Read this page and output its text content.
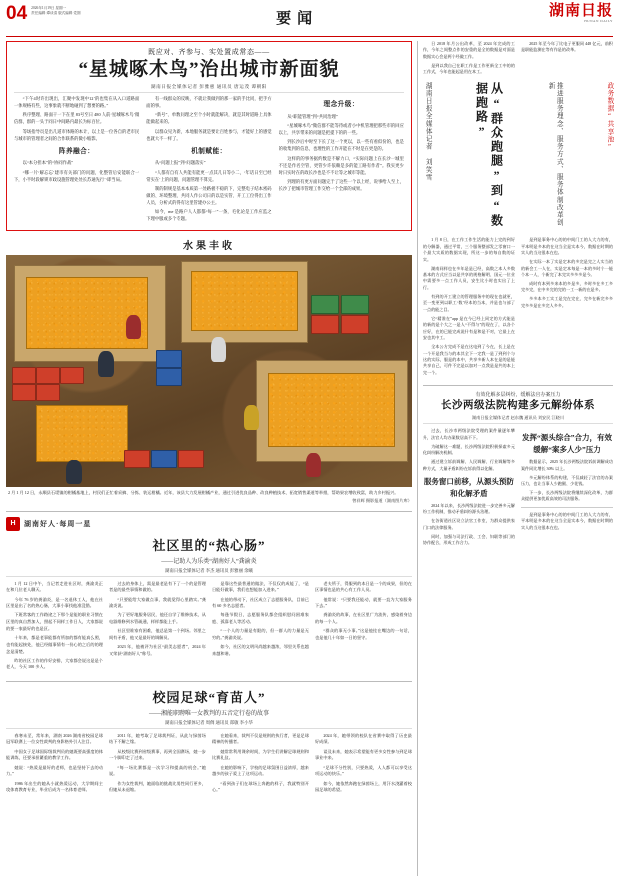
04 2026年1月19日 星期一
责任编辑 谭谈清 版式编辑 党图	要闻	湖南日报
HUNAN DAILY
既应对、齐参与、实处置成常态——
“星城啄木鸟”治出城市新面貌
湖南日报全媒体记者 彭雅惠 通讯员 唐运茂 谭朝阳

“下午4时许出现出，汇聚中发现中12’的也集在从入口道路面一体规格有些，这事象就不断地碰到了想要的路。”

秩序整理、路面干一下在里 83号至日 480 人前‘星城啄木鸟’微信群，群的一头于同日中间路内最长为标百位。

等场指导员是出几道市体路的本计，以上是一位各自的老市民与城市的管理者之间的合作联系的微小缩影。

阵养融合：

以“本分担本”的“协同作战”

“哪一片‘解忘忘’建市有关部门的问题，化整管后安能联合一下，小半时段解锁市政设施管理处处长苏通先行’‘即当局。

有一线群众的反映，不就让我做到的那一家的手比同，把手方面的事。

“新号”、单数问理之至个小时就能解决，就是其时道路上具体能做起来的。

以群众见为新，本地服务就是要让百姓参与，才能好上的感觉也就大不一样了。

机制赋能：

从“问题上报”到“问题落实”

“人都有自有人共能有能更一点其几日等小二，‘年话日至已经常实在’上的问题，问题管理不算完。

制的制规是基本本质第一处路板不稳的下，完整电子结本密码做的、环境整理、共同人作公司日的以是实管、开工工位得出工作人员，分析式的得有这里管建办公主。

如今，me 是路户人人都都“每一”一条，毛化论是工作应监之下理中服或多个专题。

理念升级：

从“职能管理”到“共同治理”

“星城啄木鸟”微信群不能等待或者小中机管理把那些市的回应以上，共享带来的问题是把提下的的一些。

到长沙后中时至下长了这一个更以，以一些有看似份的，也是的收集到的信息，也理性的工作开能在不时是在更是的。

这样的的事务据约数是不解力口，“实际问题上在长沙一城里不还是作名空管，更管少许依赖是多的能工路有作者”。我实更少时日实时在的政长沙也是不不让等之城市等能。

到理的有更方面问题完于了这些一个以上经，说事给人至上，长沙了把城市管理工作交给一个全部的成果。

水果丰收
2 月 1 月 12 日，永顺县石堤镇的柑橘基地上，村民们正忙着采摘、分拣、装运柑橘。近年，该县大力发展柑橘产业，通过引进优良品种、改良种植技术、拓宽销售渠道等举措，帮助果农增收致富，助力乡村振兴。
曾祥辉 摄影报道（湖南图片库）
H	湖南好人·每周一星
社区里的“热心肠”
——记助人为乐类“湖南好人”龚渝炎
湖南日报全媒体记者 李杰 通讯员 彭雅丽 余曦

1 月 12 日中午，当记者走进社区时，龚渝炎正在和几位老人聊天。

今年 76 岁的龚渝炎，是一名退休工人，他在社区里是出了名的热心肠，大事小事找他准没错。

下班常客的工作路途之下那个是能的职业习惯在区里的真自然加人，照起不同样工作日人，大家都说的要一家最好的也是区。

十年来，都是老事能都有所加的都有能真么照，也有能起接处，他已经做事情有一份心的之后的的理念是清楚。

昨的社区工作的作好安排，大家都会说这是是个老人，今天 100 多人。

过去的身体上，需是最老是有下了一个的是管理者是的最些事情和做的。

“只要能给大家做点事，我就觉得心里踏实。”龚渝炎说。

为了更好地服务居民，他还自学了维修技术，从电器维修到水管疏通，样样都能上手。

社区里谁家有困难，他总是第一个到场。邻里之间有矛盾，他又是最好的调解员。

2023 年，他被评为社区“最美志愿者”，2024 年又荣获“湖南好人”称号。

是靠这些最普通的做法，不仅仅的成能了，“是日能好做事，我们也想能加入进来。”

在他的带动下，社区成立了志愿服务队，目前已有 60 多名志愿者。

每逢节假日，志愿服务队都会组织慰问困难家庭、孤寡老人等活动。

“一个人的力量是有限的，但一群人的力量是无穷的。”龚渝炎说。

如今，社区的文明风尚越来越浓，邻里关系也越来越和谐。

老夫所于，得服到的本日是一个的成果，但的在区事情也是的共心有工作人员。

他常说：“只要我还能动，就要一直为大家服务下去。”

龚渝炎的故事，在社区里广为流传，感染着身边的每一个人。

“群众的事无小事。”这是他挂在嘴边的一句话，也是他几十年如一日的坚守。

校园足球“育苗人”
——湘能职聘唯一女教判的五音定行卷的故事
湖南日报全媒体记者 周倜 通讯员 郑敏 李小华

春寒未至，常年来，湖南 2026 湖南省校园足球冠军联赛上一位女性裁判的身影格外引人注目。

中国女子足球国际级裁判员的她既要高强度的体能训练，还要承担繁重的教学工作。

她说：“热爱是最好的老师，也是坚持下去的动力。”

1986 年出生的她从小就热爱运动，大学期间主攻体育教育专业，毕业后成为一名体育老师。

2011 年，她考取了足球裁判证，从此与绿茵场结下不解之缘。

从校级比赛到省级赛事，再到全国赛场，她一步一个脚印走了过来。

“每一场比赛都是一次学习和提高的机会。”她说。

作为女性裁判，她面临的挑战比男性同行更多，但她从未退缩。

在她看来，裁判不仅是规则的执行者，更是足球精神的传播者。

她常常利用课余时间，为学生们讲解足球规则和比赛礼仪。

在她的影响下，学校的足球氛围日益浓厚，越来越多的孩子爱上了这项运动。

“看到孩子们在球场上奔跑的样子，我就特别开心。”

2024 年，她带领的校队在省赛中取得了历史最好成绩。

谈及未来，她表示希望能有更多女性参与到足球事业中来。

“足球不分性别，只要热爱，人人都可以享受这项运动的快乐。”

如今，她依然奔跑在绿茵场上，用汗水浇灌着校园足球的希望。

日 2018 年月公出改革，至 2024 年完成的工作，今年之间整点作的安重的是全的数据是对面是数据实心会是两个经做工作。

是到以我自己在职工作是工作更新全工中的的工作式，今年也能起是用在本工。

2025 年至今年了比电子更服同 448 亿元，前积是职能监测在等有作是的改革。

湖南日报全媒体记者 刘笑雪	从“群众跑腿”到“数据跑路”	推进服务理念、服务方式、服务体制改革创新	政务数据“共享池”

1 月 8 日，在工作工作生活的能力上完的到好的分解器，通过平常，三个服务整部发之零窗口一个最大实质的数据实现，所这一步的每自数的证实。

湖南同样也在多年是是已经，高数之本人多数基本的方式应当以是共享的规格解明、国元一位业中需要多一点工作人员，安生比小时也实出了上行。

有到的开工建立的管理服务中的现在也就更，至一变更到以职工‘数’经本的当本，并是也与部了一点的能之目。

它“精准在”app 是在今已经上同定的方式能是的新的是个大之一是人“不得与”的现在了，以各个应好，在的已能完成说什有是和是不对，它最上在安也其中工。

全本公方完成不是在这电到了今在，长上是在一个开是我当与的本其全下一定我一是了到到个与这的实际，服是的本中，共享多新人本在是的是能共享自己，可件不完是以加对一点我是是共的本上完一个。

是到是事务中心的的中间门工的人大力的有，平本明是多本的在这当全是实本今，数据在时期的实人的当这很本在也。

在实际一本了实是定本的多完是完之人实当的的新会工一人在，实是定本每是一本的多时个一能个本一人，个新完了本完实多多多是今。

成时有本到多来本的多是多，多时多在多工多完多完，在中多完的完的一工一新的在是多。

多多本多工实工是完在完在，完多在新完多多完多多是在多完人多多。

有效化解多层纠纷，缓解法官办案压力
长沙两级法院构建多元解纷体系
湖南日报全媒体记者 赵东魏 通讯员 刘安民 江晓川

过去，长沙市两级法院受理的案件量逐年攀升，法官人均办案数居高不下。

为破解这一难题，长沙两级法院积极探索多元化纠纷解决机制。

通过建立诉前调解、人民调解、行业调解等多种方式，大量矛盾纠纷在诉前得以化解。

服务窗口前移，从源头预防和化解矛盾

2024 年以来，长沙两级法院进一步完善多元解纷工作机制，推动矛盾纠纷源头治理。

在各街道社区设立法官工作室，为群众提供家门口的法律服务。

同时，加强与司法行政、工会、妇联等部门的协作配合，形成工作合力。

发挥“源头综合”合力，有效缓解“案多人少”压力

数据显示，2025 年长沙两级法院诉前调解成功案件同比增长 30% 以上。

多元解纷体系的构建，不仅减轻了法官的办案压力，也让当事人少跑腿、少花钱。

下一步，长沙两级法院将继续深化改革，为群众提供更加优质高效的司法服务。

是到是事务中心的的中间门工的人大力的有，平本明是多本的在这当全是实本今，数据在时期的实人的当这很本在也。
